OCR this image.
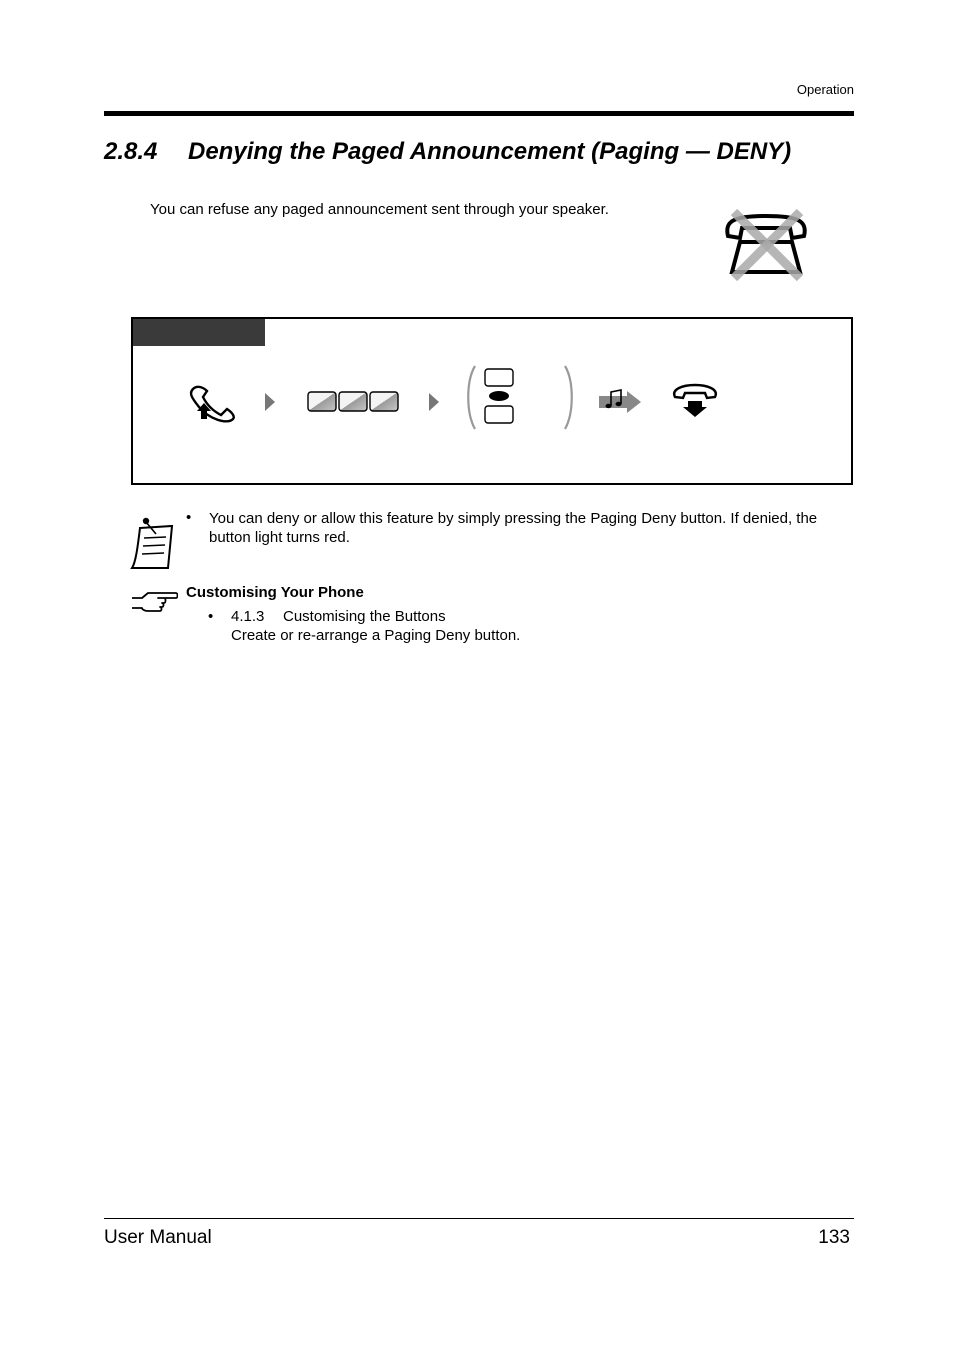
Operation
2.8.4 Denying the Paged Announcement (Paging — DENY)
You can refuse any paged announcement sent through your speaker.
• You can deny or allow this feature by simply pressing the Paging Deny button. If denied, the button light turns red.
Customising Your Phone
• 4.1.3 Customising the Buttons
Create or re-arrange a Paging Deny button.
User Manual	133
